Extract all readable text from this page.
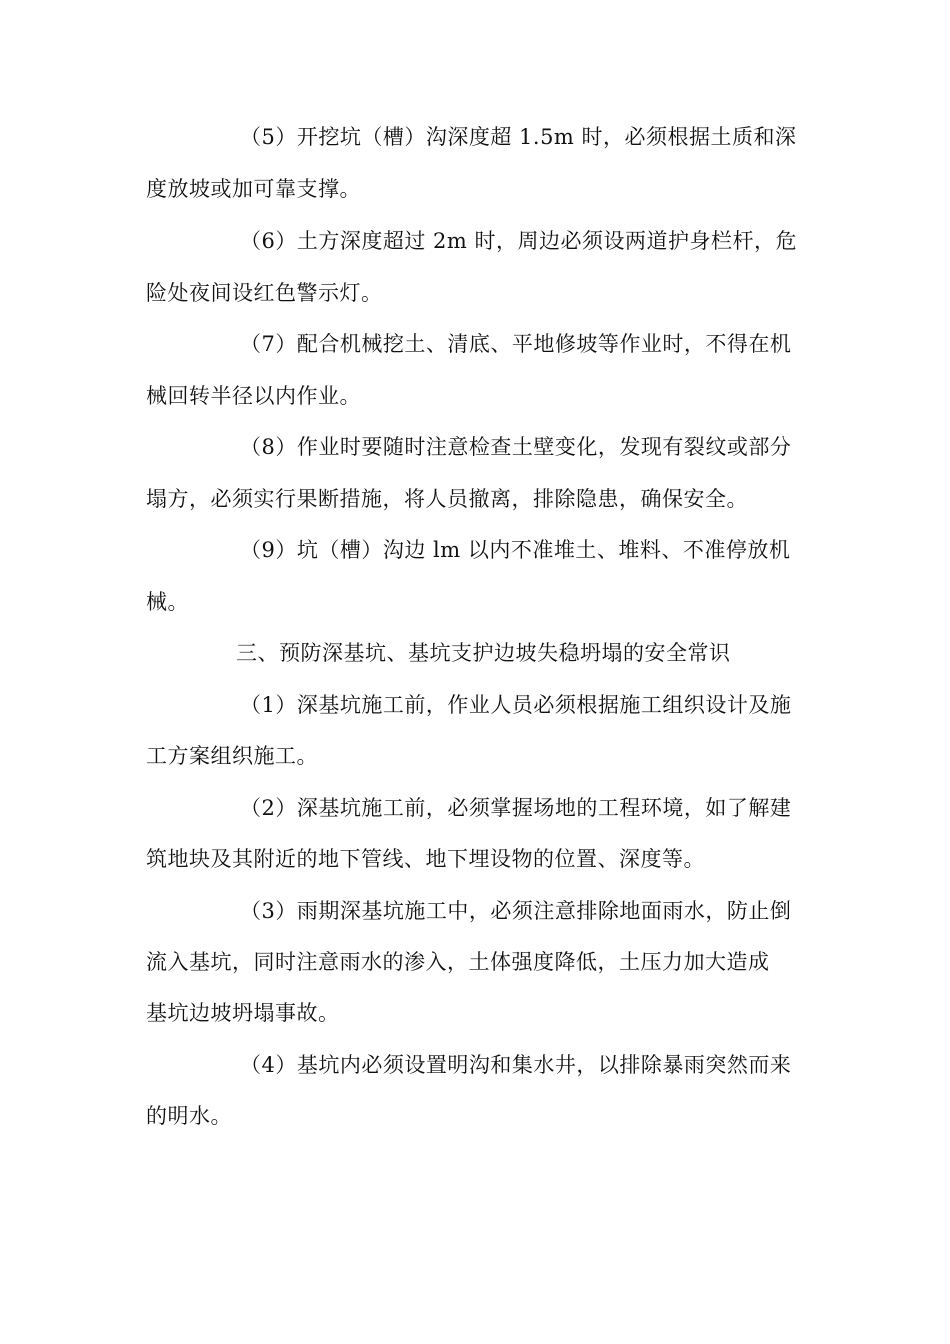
（5）开挖坑（槽）沟深度超 1.5m 时，必须根据土质和深
度放坡或加可靠支撑。
（6）土方深度超过 2m 时，周边必须设两道护身栏杆，危
险处夜间设红色警示灯。
（7）配合机械挖土、清底、平地修坡等作业时，不得在机
械回转半径以内作业。
（8）作业时要随时注意检查土壁变化，发现有裂纹或部分
塌方，必须实行果断措施，将人员撤离，排除隐患，确保安全。
（9）坑（槽）沟边 lm 以内不准堆土、堆料、不准停放机
械。
三、预防深基坑、基坑支护边坡失稳坍塌的安全常识
（1）深基坑施工前，作业人员必须根据施工组织设计及施
工方案组织施工。
（2）深基坑施工前，必须掌握场地的工程环境，如了解建
筑地块及其附近的地下管线、地下埋设物的位置、深度等。
（3）雨期深基坑施工中，必须注意排除地面雨水，防止倒
流入基坑，同时注意雨水的渗入，土体强度降低，土压力加大造成
基坑边坡坍塌事故。
（4）基坑内必须设置明沟和集水井，以排除暴雨突然而来
的明水。
